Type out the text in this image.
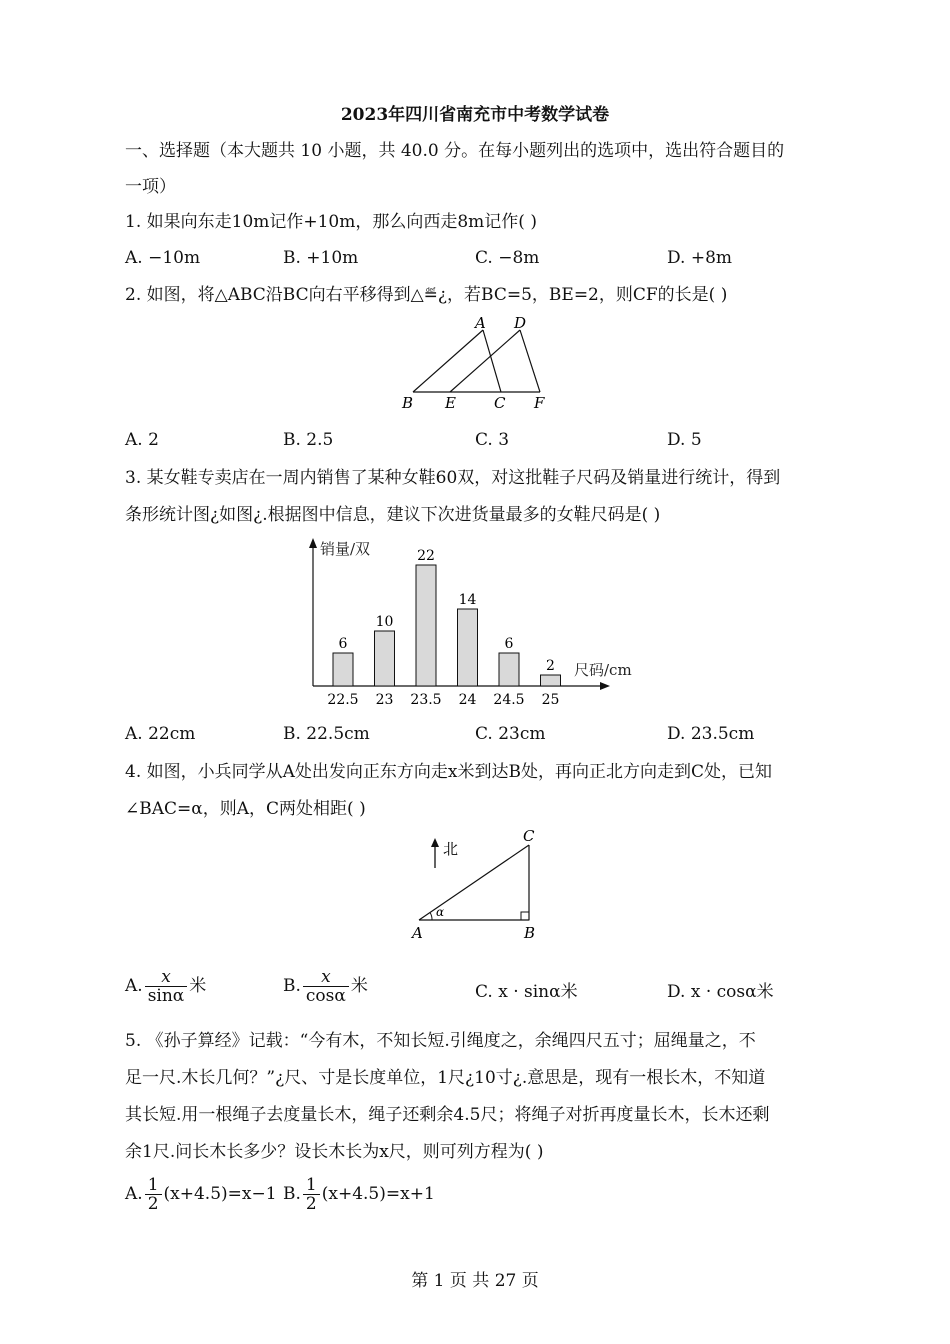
2023年四川省南充市中考数学试卷
一、选择题（本大题共 10 小题，共 40.0 分。在每小题列出的选项中，选出符合题目的
一项）
1. 如果向东走10m记作+10m，那么向西走8m记作( )
A. −10m	B. +10m	C. −8m	D. +8m
2. 如图，将△ABC沿BC向右平移得到△≝¿，若BC=5，BE=2，则CF的长是( )
A D
B E	C F
A. 2	B. 2.5	C. 3	D. 5
3. 某女鞋专卖店在一周内销售了某种女鞋60双，对这批鞋子尺码及销量进行统计，得到
条形统计图¿如图¿.根据图中信息，建议下次进货量最多的女鞋尺码是( )
销量/双
尺码/cm
6
22.5
10
23
22
23.5
14
24
6
24.5
2
25
A. 22cm	B. 22.5cm	C. 23cm	D. 23.5cm
4. 如图，小兵同学从A处出发向正东方向走x米到达B处，再向正北方向走到C处，已知
∠BAC=α，则A，C两处相距( )
北
C
α
A	B
A. $\frac{x}{\sin\alpha}$ 米	B. $\frac{x}{\cos\alpha}$ 米	C. x · sinα米	D. x · cosα米
5. 《孙子算经》记载：“今有木，不知长短.引绳度之，余绳四尺五寸；屈绳量之，不
足一尺.木长几何？”¿尺、寸是长度单位，1尺¿10寸¿.意思是，现有一根长木，不知道
其长短.用一根绳子去度量长木，绳子还剩余4.5尺；将绳子对折再度量长木，长木还剩
余1尺.问长木长多少？设长木长为x尺，则可列方程为( )
A. $\frac{1}{2} (x+4.5)=x-1$ B. $\frac{1}{2} (x+4.5)=x+1$
第 1 页 共 27 页
